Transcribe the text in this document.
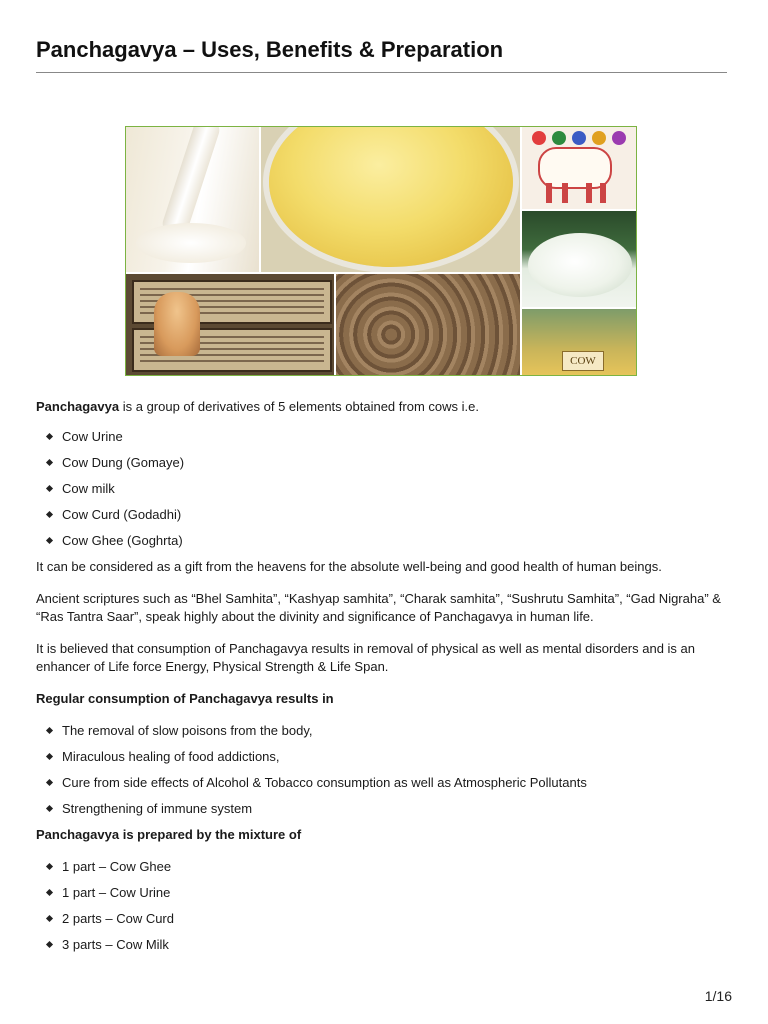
Panchagavya – Uses, Benefits & Preparation
COW

Panchagavya is a group of derivatives of 5 elements obtained from cows i.e.

Cow Urine
Cow Dung (Gomaye)
Cow milk
Cow Curd (Godadhi)
Cow Ghee (Goghrta)

It can be considered as a gift from the heavens for the absolute well-being and good health of human beings.

Ancient scriptures such as “Bhel Samhita”, “Kashyap samhita”, “Charak samhita”, “Sushrutu Samhita”, “Gad Nigraha” & “Ras Tantra Saar”, speak highly about the divinity and significance of Panchagavya in human life.

It is believed that consumption of Panchagavya results in removal of physical as well as mental disorders and is an enhancer of Life force Energy, Physical Strength & Life Span.

Regular consumption of Panchagavya results in

The removal of slow poisons from the body,
Miraculous healing of food addictions,
Cure from side effects of Alcohol & Tobacco consumption as well as Atmospheric Pollutants
Strengthening of immune system

Panchagavya is prepared by the mixture of

1 part – Cow Ghee
1 part – Cow Urine
2 parts – Cow Curd
3 parts – Cow Milk
1/16
